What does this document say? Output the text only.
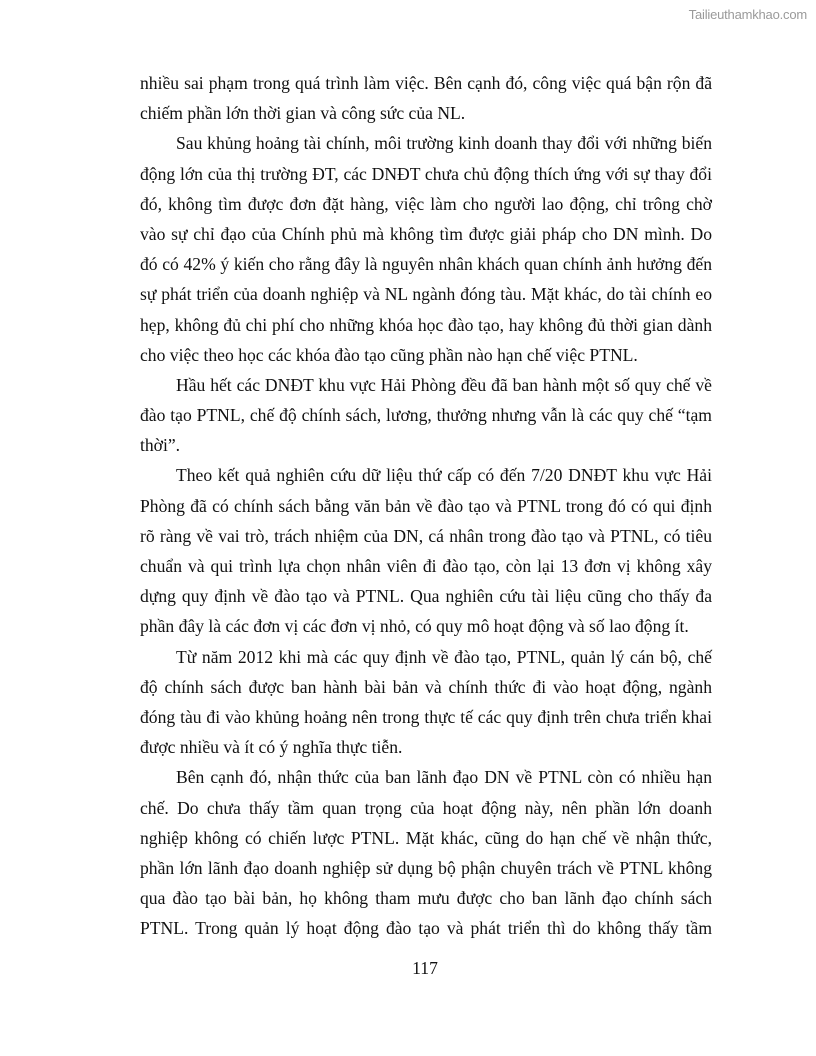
Tailieuthamkhao.com
nhiều sai phạm trong quá trình làm việc. Bên cạnh đó, công việc quá bận rộn đã
chiếm phần lớn thời gian và công sức của NL.
Sau khủng hoảng tài chính, môi trường kinh doanh thay đổi với những biến
động lớn của thị trường ĐT, các DNĐT chưa chủ động thích ứng với sự thay đổi
đó, không tìm được đơn đặt hàng, việc làm cho người lao động, chỉ trông chờ
vào sự chỉ đạo của Chính phủ mà không tìm được giải pháp cho DN mình. Do
đó có 42% ý kiến cho rằng đây là nguyên nhân khách quan chính ảnh hưởng đến
sự phát triển của doanh nghiệp và NL ngành đóng tàu. Mặt khác, do tài chính eo
hẹp, không đủ chi phí cho những khóa học đào tạo, hay không đủ thời gian dành
cho việc theo học các khóa đào tạo cũng phần nào hạn chế việc PTNL.
Hầu hết các DNĐT khu vực Hải Phòng đều đã ban hành một số quy chế về
đào tạo PTNL, chế độ chính sách, lương, thưởng nhưng vẫn là các quy chế “tạm
thời”.
Theo kết quả nghiên cứu dữ liệu thứ cấp có đến 7/20 DNĐT khu vực Hải
Phòng đã có chính sách bằng văn bản về đào tạo và PTNL trong đó có qui định
rõ ràng về vai trò, trách nhiệm của DN, cá nhân trong đào tạo và PTNL, có tiêu
chuẩn và qui trình lựa chọn nhân viên đi đào tạo, còn lại 13 đơn vị không xây
dựng quy định về đào tạo và PTNL. Qua nghiên cứu tài liệu cũng cho thấy đa
phần đây là các đơn vị các đơn vị nhỏ, có quy mô hoạt động và số lao động ít.
Từ năm 2012 khi mà các quy định về đào tạo, PTNL, quản lý cán bộ, chế
độ chính sách được ban hành bài bản và chính thức đi vào hoạt động, ngành
đóng tàu đi vào khủng hoảng nên trong thực tế các quy định trên chưa triển khai
được nhiều và ít có ý nghĩa thực tiễn.
Bên cạnh đó, nhận thức của ban lãnh đạo DN về PTNL còn có nhiều hạn
chế. Do chưa thấy tầm quan trọng của hoạt động này, nên phần lớn doanh
nghiệp không có chiến lược PTNL. Mặt khác, cũng do hạn chế về nhận thức,
phần lớn lãnh đạo doanh nghiệp sử dụng bộ phận chuyên trách về PTNL không
qua đào tạo bài bản, họ không tham mưu được cho ban lãnh đạo chính sách
PTNL. Trong quản lý hoạt động đào tạo và phát triển thì do không thấy tầm
117
